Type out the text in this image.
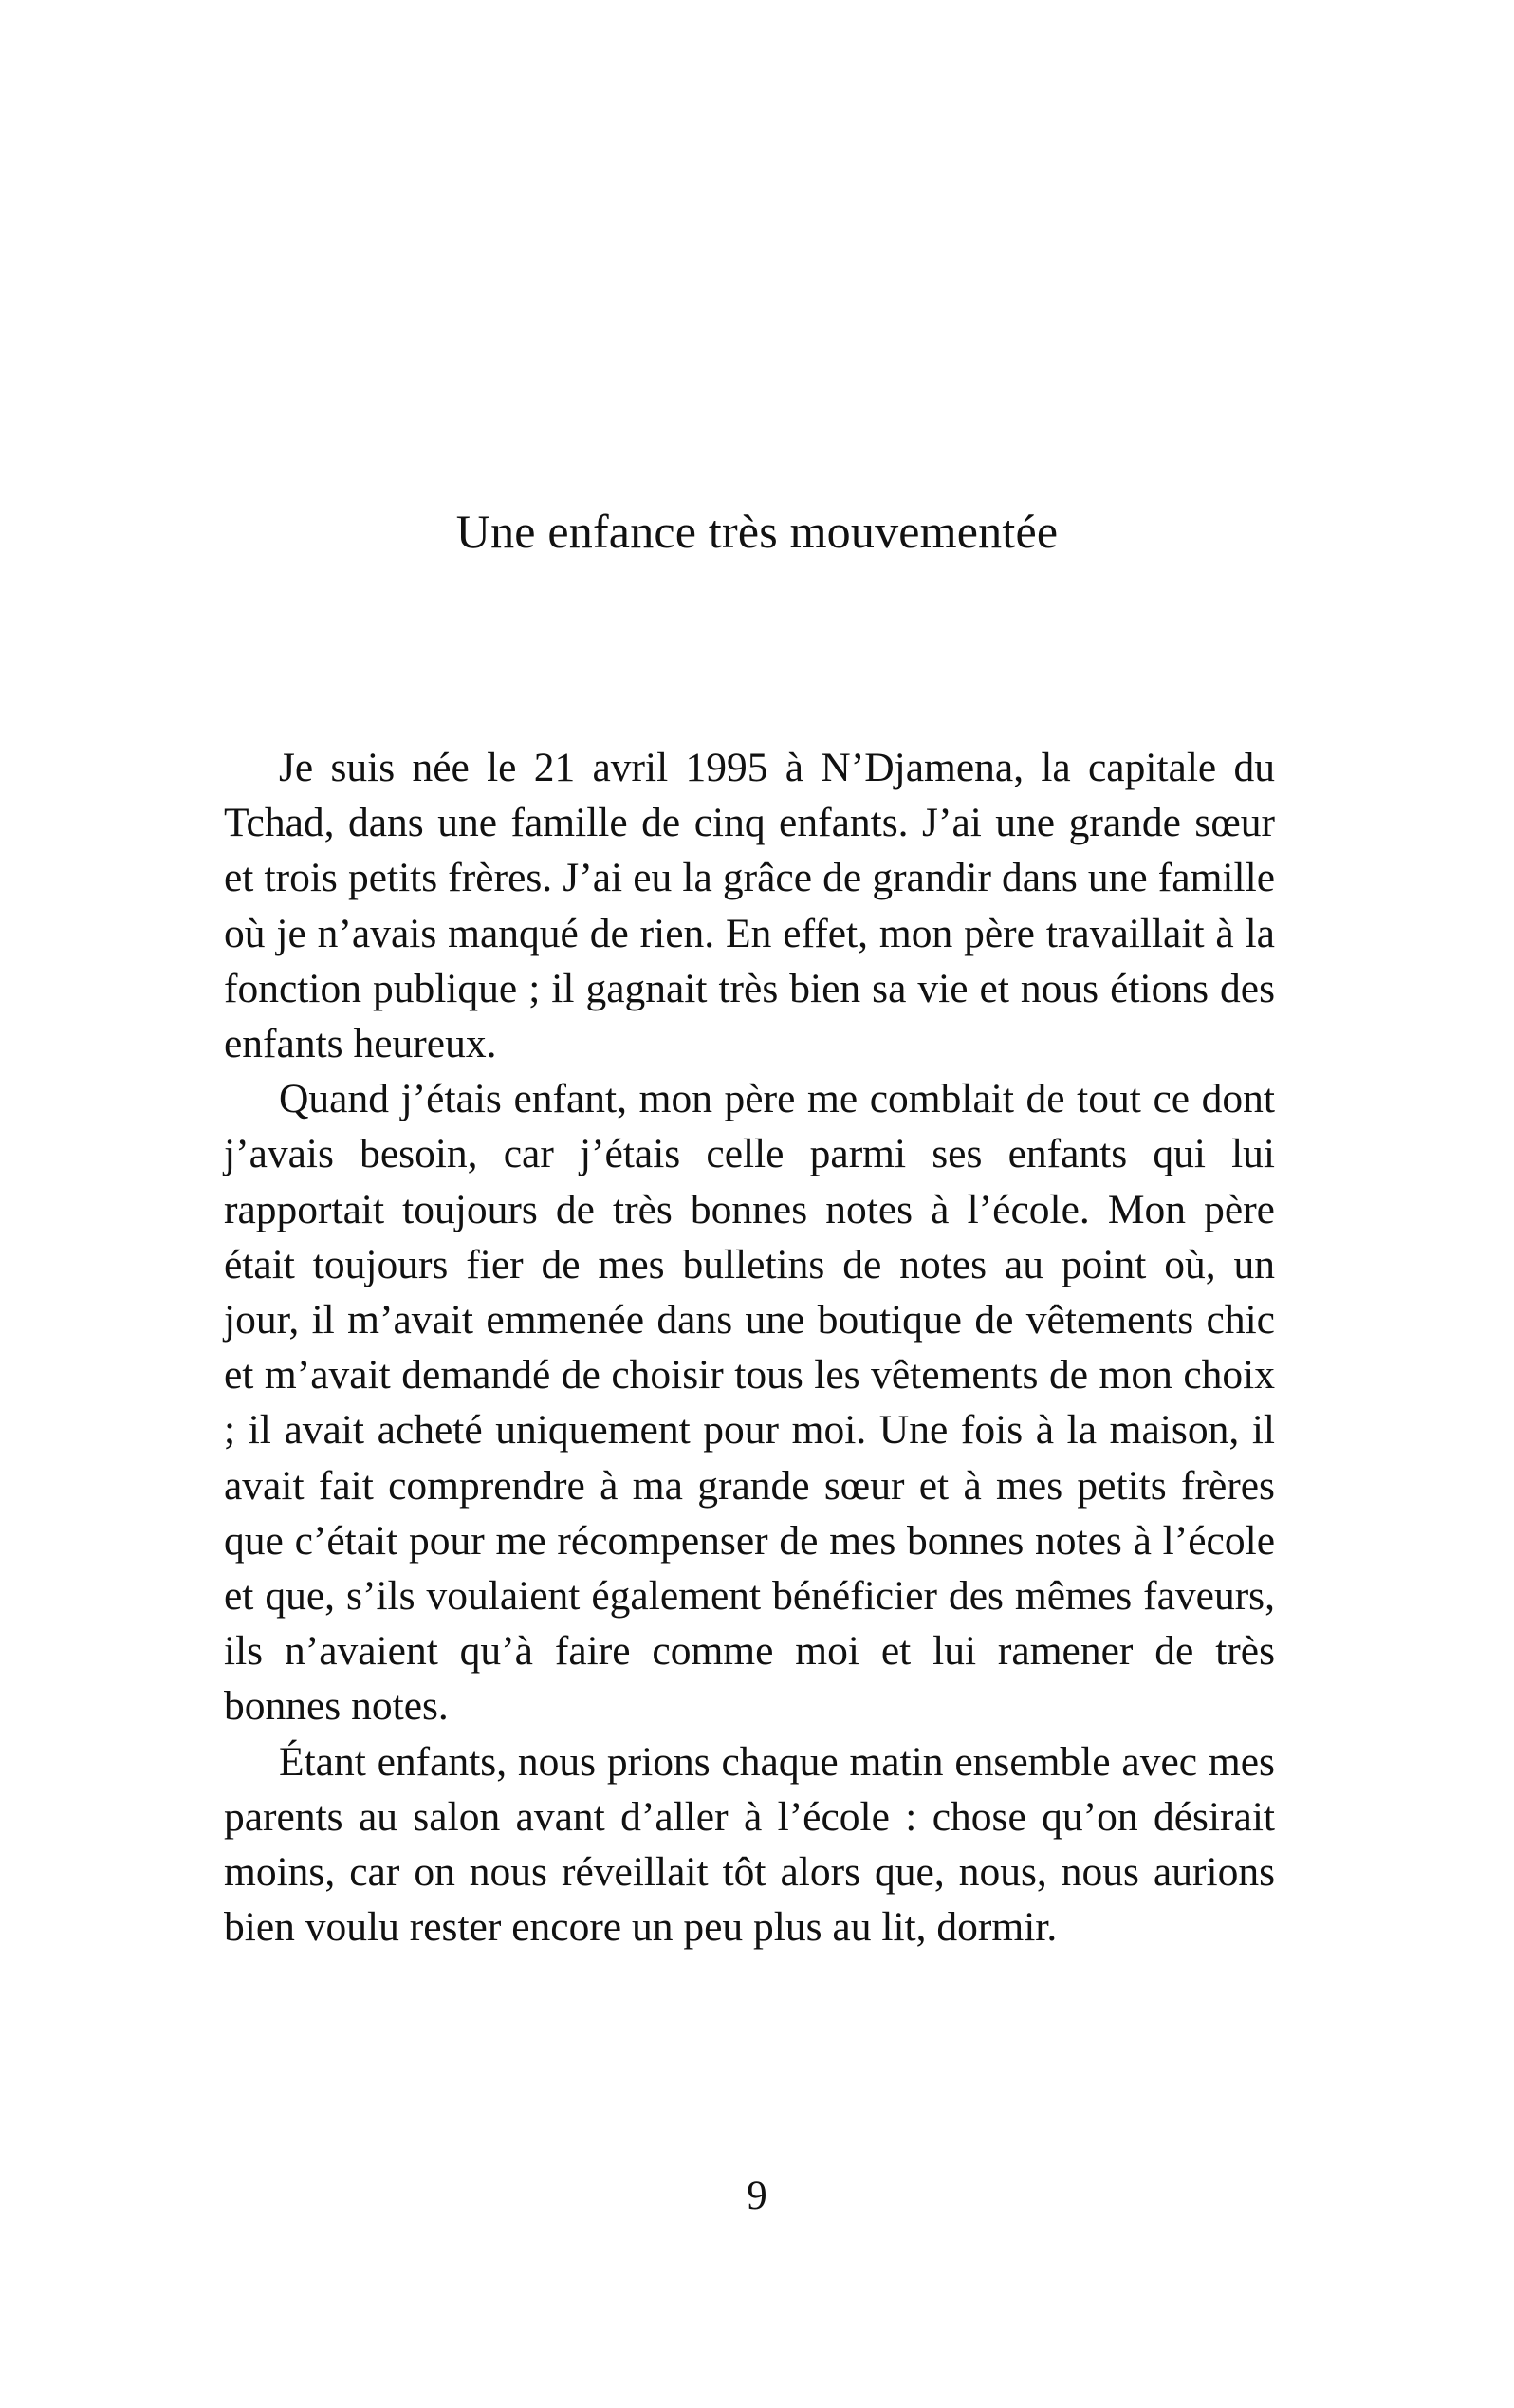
Une enfance très mouvementée

Je suis née le 21 avril 1995 à N’Djamena, la capitale du Tchad, dans une famille de cinq enfants. J’ai une grande sœur et trois petits frères. J’ai eu la grâce de grandir dans une famille où je n’avais manqué de rien. En effet, mon père travaillait à la fonction publique ; il gagnait très bien sa vie et nous étions des enfants heureux.

Quand j’étais enfant, mon père me comblait de tout ce dont j’avais besoin, car j’étais celle parmi ses enfants qui lui rapportait toujours de très bonnes notes à l’école. Mon père était toujours fier de mes bulletins de notes au point où, un jour, il m’avait emmenée dans une boutique de vêtements chic et m’avait demandé de choisir tous les vêtements de mon choix ; il avait acheté uniquement pour moi. Une fois à la maison, il avait fait comprendre à ma grande sœur et à mes petits frères que c’était pour me récompenser de mes bonnes notes à l’école et que, s’ils voulaient également bénéficier des mêmes faveurs, ils n’avaient qu’à faire comme moi et lui ramener de très bonnes notes.

Étant enfants, nous prions chaque matin ensemble avec mes parents au salon avant d’aller à l’école : chose qu’on désirait moins, car on nous réveillait tôt alors que, nous, nous aurions bien voulu rester encore un peu plus au lit, dormir.

9
